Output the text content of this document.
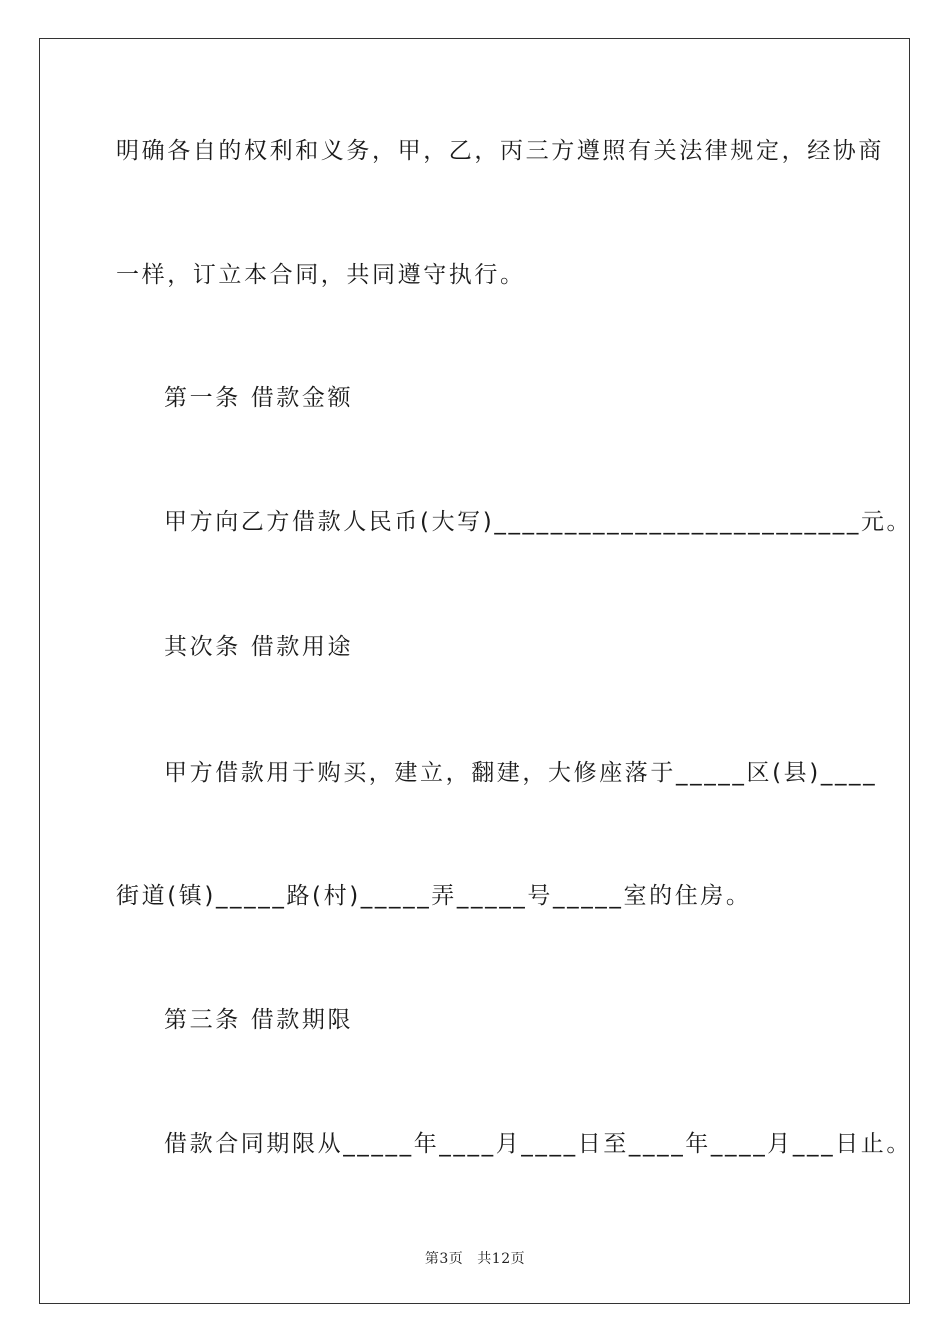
明确各自的权利和义务，甲，乙，丙三方遵照有关法律规定，经协商
一样，订立本合同，共同遵守执行。
第一条 借款金额
甲方向乙方借款人民币(大写)__________________________元。
其次条 借款用途
甲方借款用于购买，建立，翻建，大修座落于_____区(县)____
街道(镇)_____路(村)_____弄_____号_____室的住房。
第三条 借款期限
借款合同期限从_____年____月____日至____年____月___日止。
第3页 共12页
